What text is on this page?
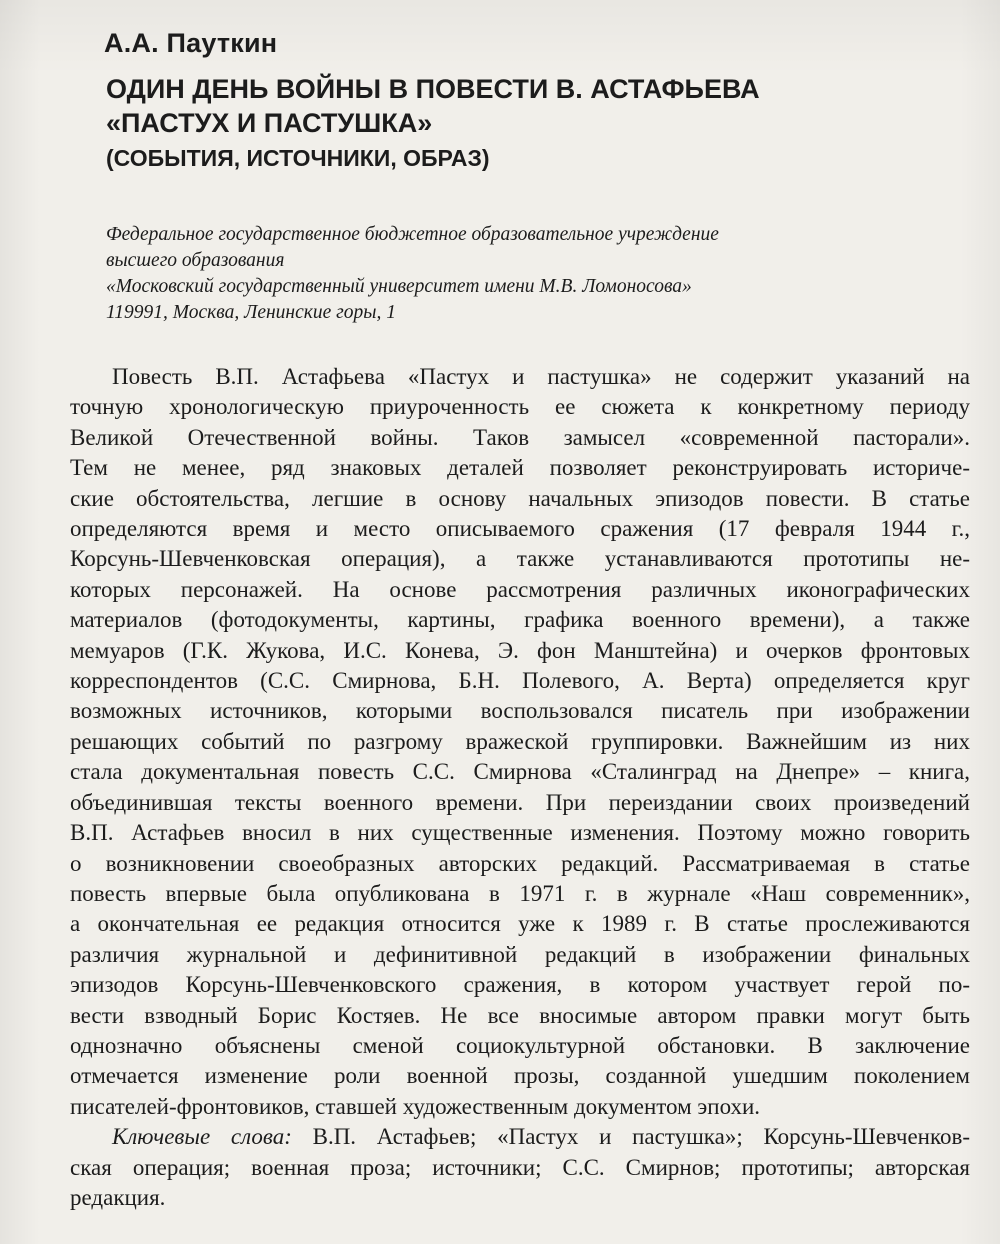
А.А. Пауткин
ОДИН ДЕНЬ ВОЙНЫ В ПОВЕСТИ В. АСТАФЬЕВА
«ПАСТУХ И ПАСТУШКА»
(СОБЫТИЯ, ИСТОЧНИКИ, ОБРАЗ)
Федеральное государственное бюджетное образовательное учреждение
высшего образования
«Московский государственный университет имени М.В. Ломоносова»
119991, Москва, Ленинские горы, 1
Повесть В.П. Астафьева «Пастух и пастушка» не содержит указаний на
точную хронологическую приуроченность ее сюжета к конкретному периоду
Великой Отечественной войны. Таков замысел «современной пасторали».
Тем не менее, ряд знаковых деталей позволяет реконструировать историче-
ские обстоятельства, легшие в основу начальных эпизодов повести. В статье
определяются время и место описываемого сражения (17 февраля 1944 г.,
Корсунь-Шевченковская операция), а также устанавливаются прототипы не-
которых персонажей. На основе рассмотрения различных иконографических
материалов (фотодокументы, картины, графика военного времени), а также
мемуаров (Г.К. Жукова, И.С. Конева, Э. фон Манштейна) и очерков фронтовых
корреспондентов (С.С. Смирнова, Б.Н. Полевого, А. Верта) определяется круг
возможных источников, которыми воспользовался писатель при изображении
решающих событий по разгрому вражеской группировки. Важнейшим из них
стала документальная повесть С.С. Смирнова «Сталинград на Днепре» – книга,
объединившая тексты военного времени. При переиздании своих произведений
В.П. Астафьев вносил в них существенные изменения. Поэтому можно говорить
о возникновении своеобразных авторских редакций. Рассматриваемая в статье
повесть впервые была опубликована в 1971 г. в журнале «Наш современник»,
а окончательная ее редакция относится уже к 1989 г. В статье прослеживаются
различия журнальной и дефинитивной редакций в изображении финальных
эпизодов Корсунь-Шевченковского сражения, в котором участвует герой по-
вести взводный Борис Костяев. Не все вносимые автором правки могут быть
однозначно объяснены сменой социокультурной обстановки. В заключение
отмечается изменение роли военной прозы, созданной ушедшим поколением
писателей-фронтовиков, ставшей художественным документом эпохи.
Ключевые слова: В.П. Астафьев; «Пастух и пастушка»; Корсунь-Шевченков-
ская операция; военная проза; источники; С.С. Смирнов; прототипы; авторская
редакция.
